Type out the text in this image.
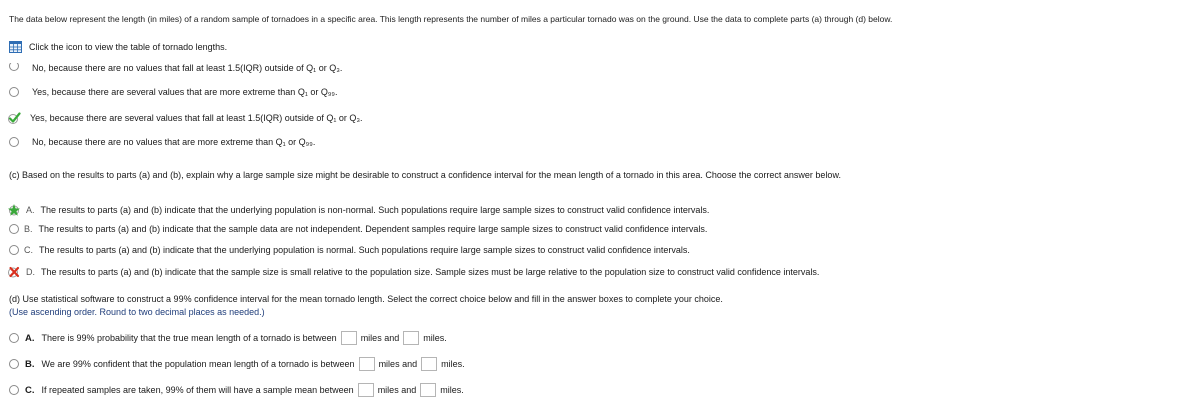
The data below represent the length (in miles) of a random sample of tornadoes in a specific area. This length represents the number of miles a particular tornado was on the ground. Use the data to complete parts (a) through (d) below.
Click the icon to view the table of tornado lengths.
No, because there are no values that fall at least 1.5(IQR) outside of Q₁ or Q₃.
Yes, because there are several values that are more extreme than Q₁ or Q₉₉.
Yes, because there are several values that fall at least 1.5(IQR) outside of Q₁ or Q₃.
No, because there are no values that are more extreme than Q₁ or Q₉₉.
(c) Based on the results to parts (a) and (b), explain why a large sample size might be desirable to construct a confidence interval for the mean length of a tornado in this area. Choose the correct answer below.
A. The results to parts (a) and (b) indicate that the underlying population is non-normal. Such populations require large sample sizes to construct valid confidence intervals.
B. The results to parts (a) and (b) indicate that the sample data are not independent. Dependent samples require large sample sizes to construct valid confidence intervals.
C. The results to parts (a) and (b) indicate that the underlying population is normal. Such populations require large sample sizes to construct valid confidence intervals.
D. The results to parts (a) and (b) indicate that the sample size is small relative to the population size. Sample sizes must be large relative to the population size to construct valid confidence intervals.
(d) Use statistical software to construct a 99% confidence interval for the mean tornado length. Select the correct choice below and fill in the answer boxes to complete your choice.
(Use ascending order. Round to two decimal places as needed.)
A. There is 99% probability that the true mean length of a tornado is between	miles and	miles.
B. We are 99% confident that the population mean length of a tornado is between	miles and	miles.
C. If repeated samples are taken, 99% of them will have a sample mean between	miles and	miles.
